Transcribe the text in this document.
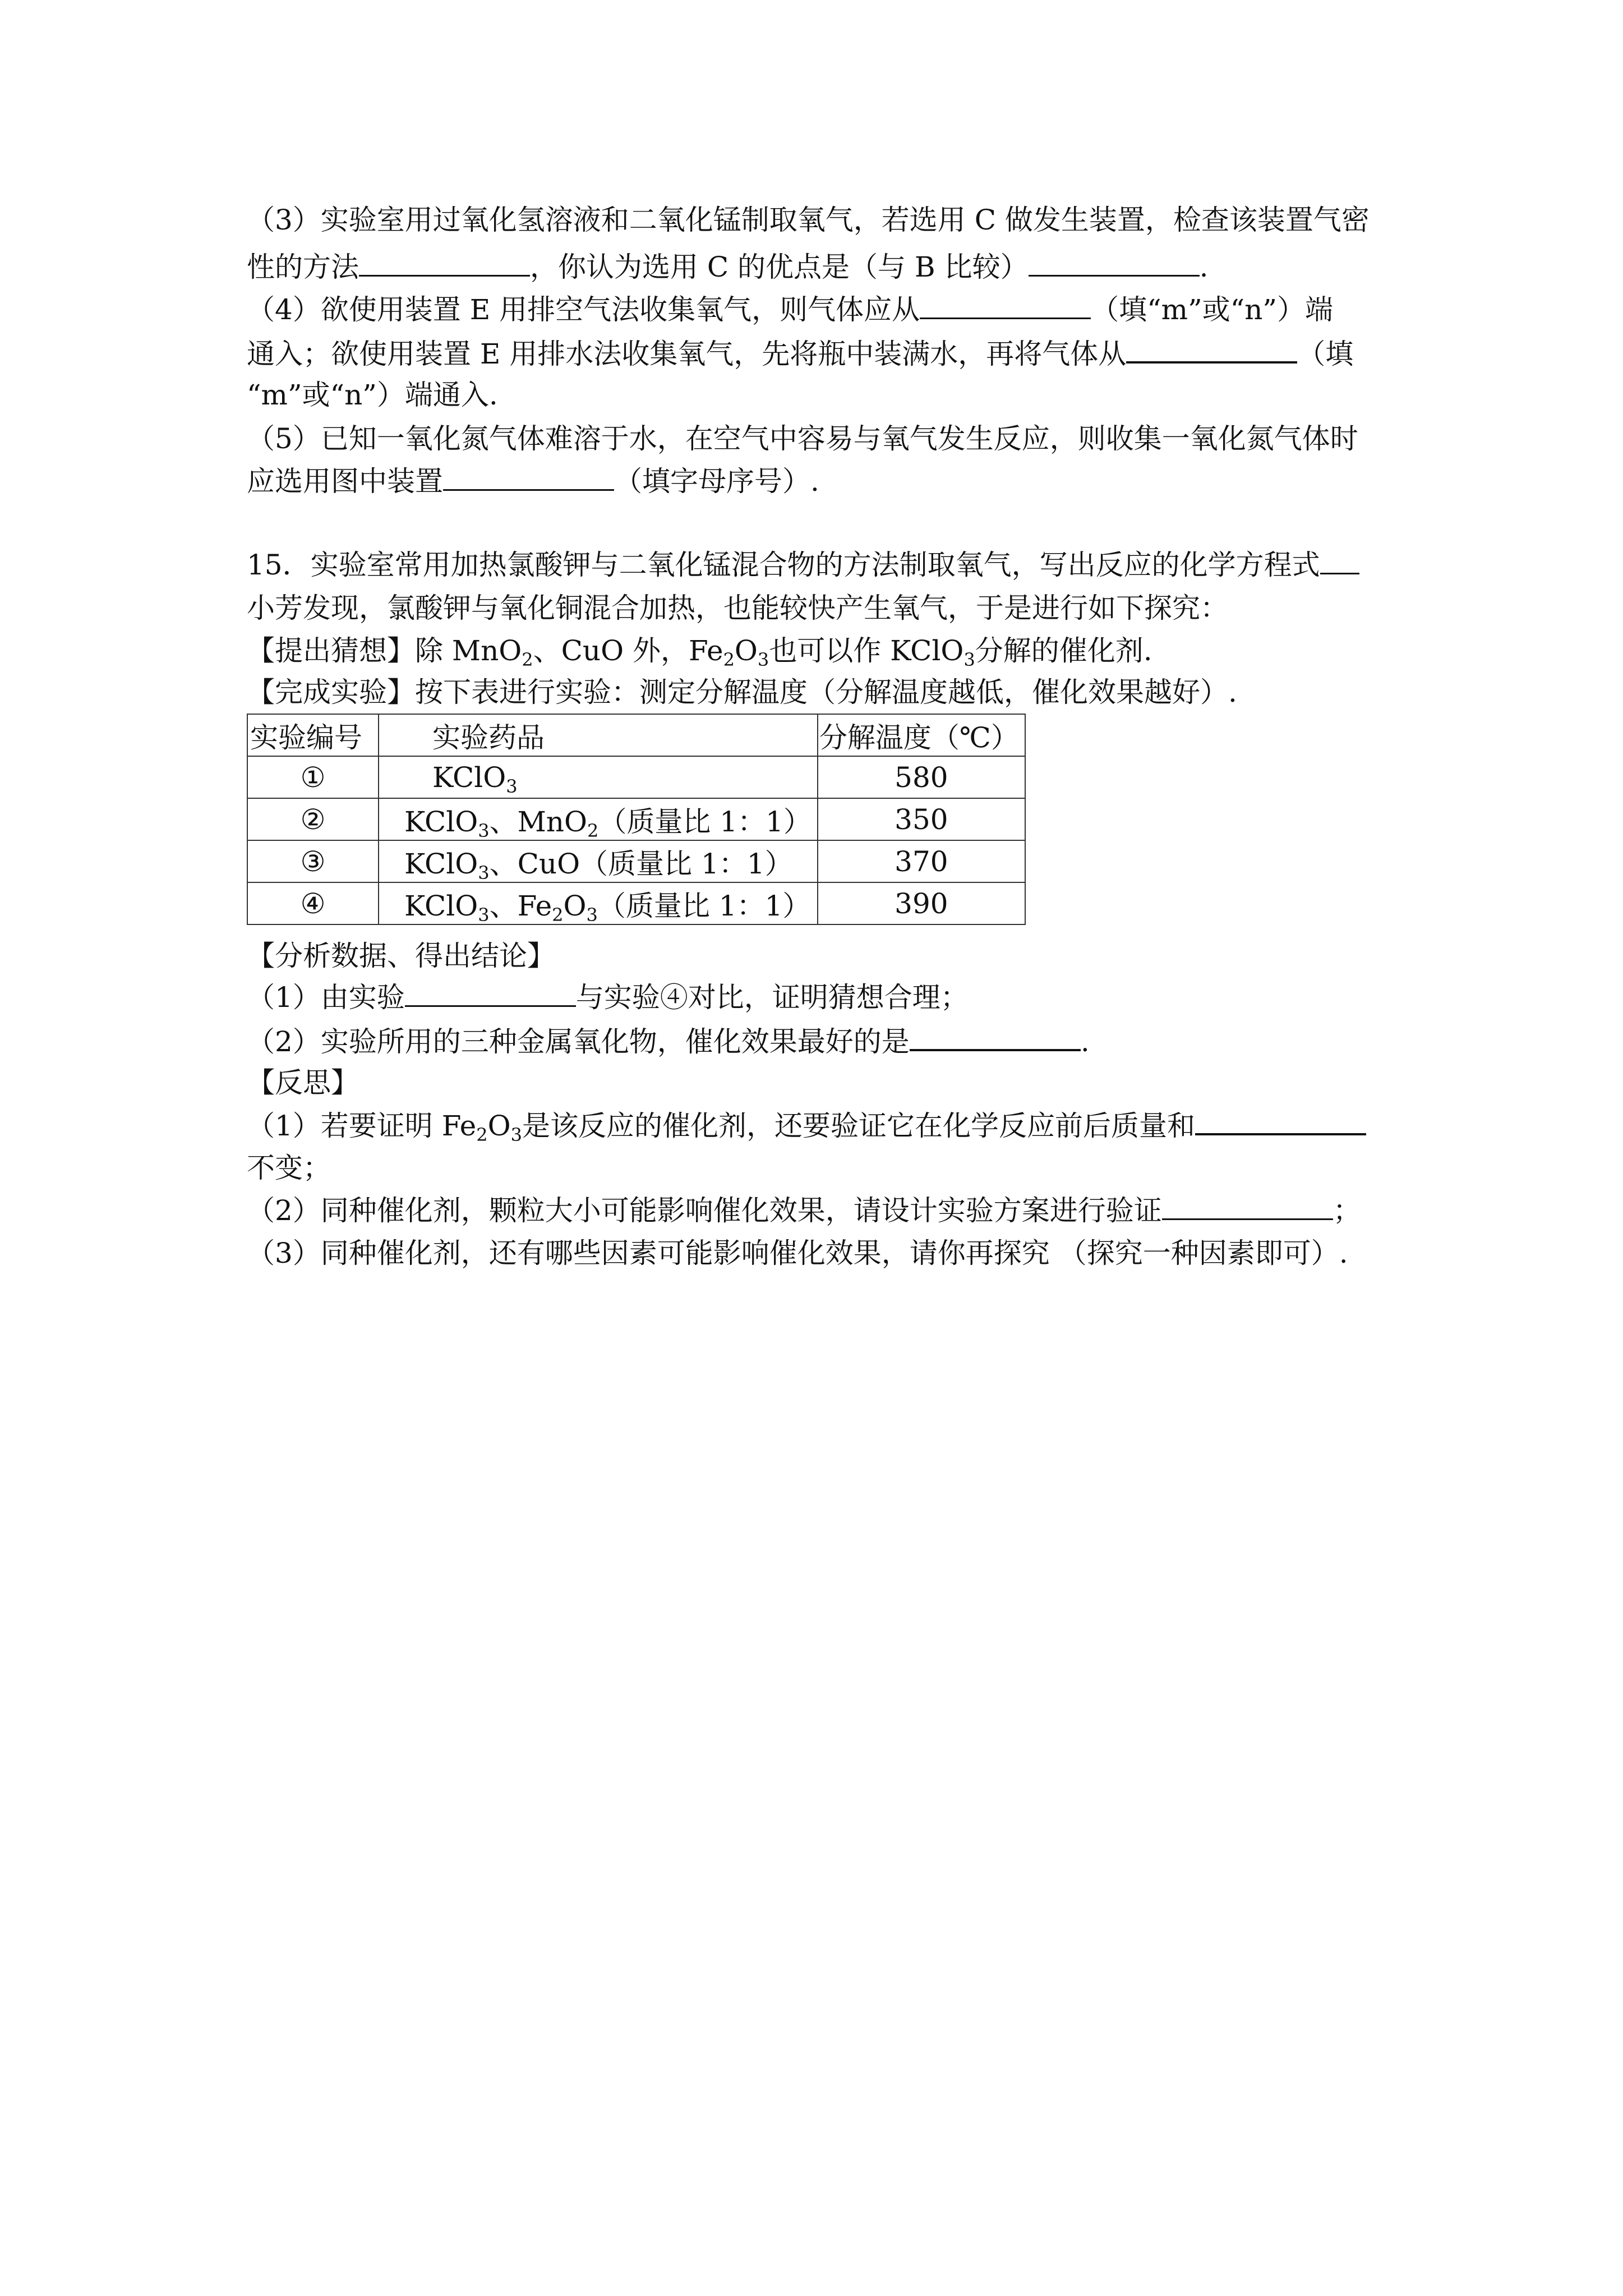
（3）实验室用过氧化氢溶液和二氧化锰制取氧气，若选用 C 做发生装置，检查该装置气密

性的方法	，你认为选用 C 的优点是（与 B 比较）	.

（4）欲使用装置 E 用排空气法收集氧气，则气体应从	（填“m”或“n”）端

通入；欲使用装置 E 用排水法收集氧气，先将瓶中装满水，再将气体从	（填

“m”或“n”）端通入.

（5）已知一氧化氮气体难溶于水，在空气中容易与氧气发生反应，则收集一氧化氮气体时

应选用图中装置	（填字母序号）.

15．实验室常用加热氯酸钾与二氧化锰混合物的方法制取氧气，写出反应的化学方程式

小芳发现，氯酸钾与氧化铜混合加热，也能较快产生氧气，于是进行如下探究：

【提出猜想】除 MnO$_2$、CuO 外，$Fe_2O_3$也可以作 KClO$_3$分解的催化剂.

【完成实验】按下表进行实验：测定分解温度（分解温度越低，催化效果越好）.

实验编号	实验药品	分解温度（℃）
①	KClO$_3$	580
②	KClO$_3$、MnO$_2$（质量比 1：1）	350
③	KClO$_3$、CuO（质量比 1：1）	370
④	KClO$_3$、$Fe_2O_3$（质量比 1：1）	390

【分析数据、得出结论】

（1）由实验	与实验④对比，证明猜想合理；

（2）实验所用的三种金属氧化物，催化效果最好的是	.

【反思】

（1）若要证明 $Fe_2O_3$是该反应的催化剂，还要验证它在化学反应前后质量和

不变；

（2）同种催化剂，颗粒大小可能影响催化效果，请设计实验方案进行验证	；

（3）同种催化剂，还有哪些因素可能影响催化效果，请你再探究 （探究一种因素即可）.
